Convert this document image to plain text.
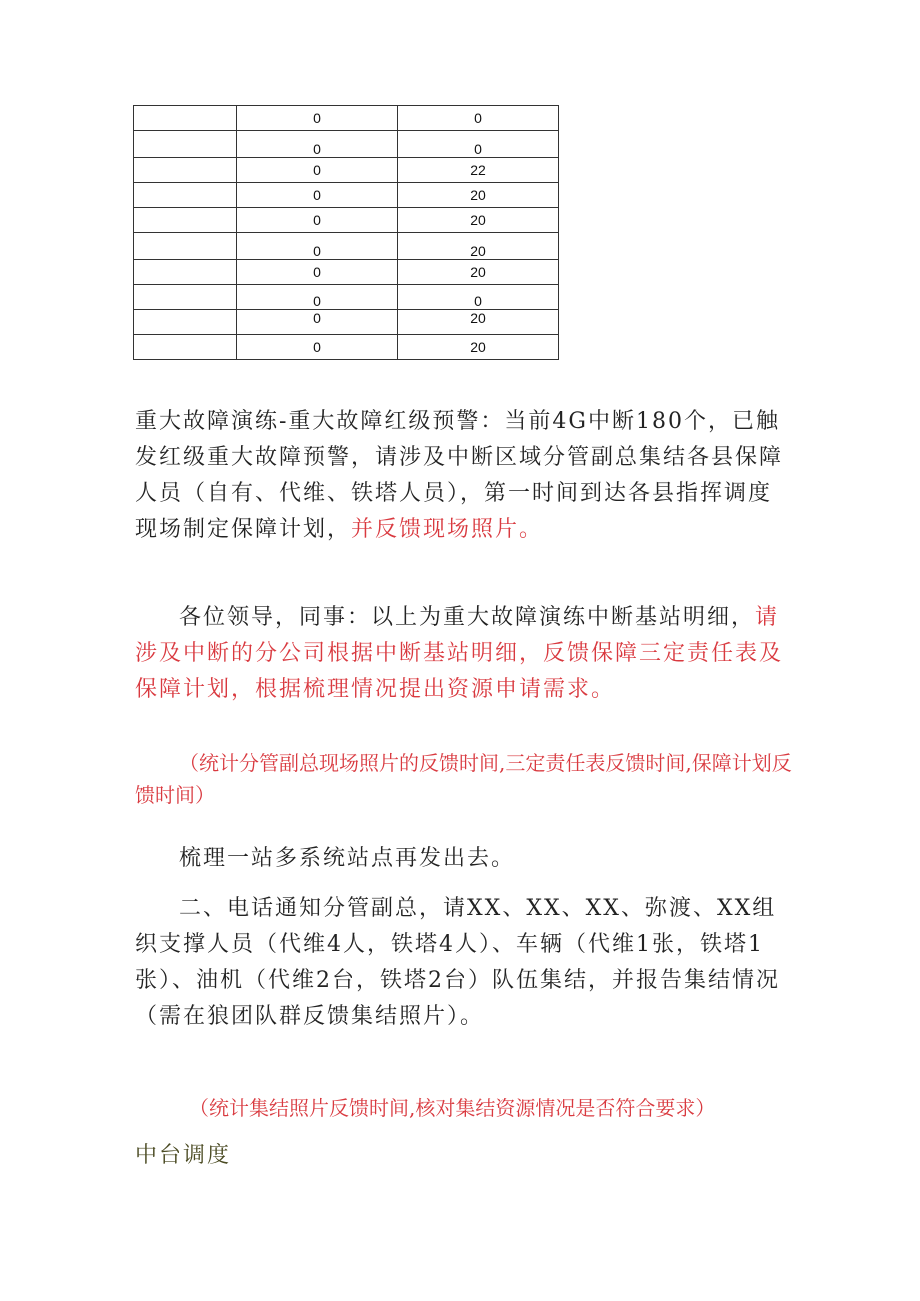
	0	0
	0	0
	0	22
	0	20
	0	20
	0	20
	0	20
	0	0
	0	20
	0	20

重大故障演练-重大故障红级预警：当前4G中断180个，已触发红级重大故障预警，请涉及中断区域分管副总集结各县保障人员（自有、代维、铁塔人员），第一时间到达各县指挥调度现场制定保障计划，并反馈现场照片。

各位领导，同事：以上为重大故障演练中断基站明细，请涉及中断的分公司根据中断基站明细，反馈保障三定责任表及保障计划，根据梳理情况提出资源申请需求。

（统计分管副总现场照片的反馈时间,三定责任表反馈时间,保障计划反馈时间）

梳理一站多系统站点再发出去。

二、电话通知分管副总，请XX、XX、XX、弥渡、XX组织支撑人员（代维4人，铁塔4人）、车辆（代维1张，铁塔1张）、油机（代维2台，铁塔2台）队伍集结，并报告集结情况（需在狼团队群反馈集结照片）。

（统计集结照片反馈时间,核对集结资源情况是否符合要求）

中台调度
